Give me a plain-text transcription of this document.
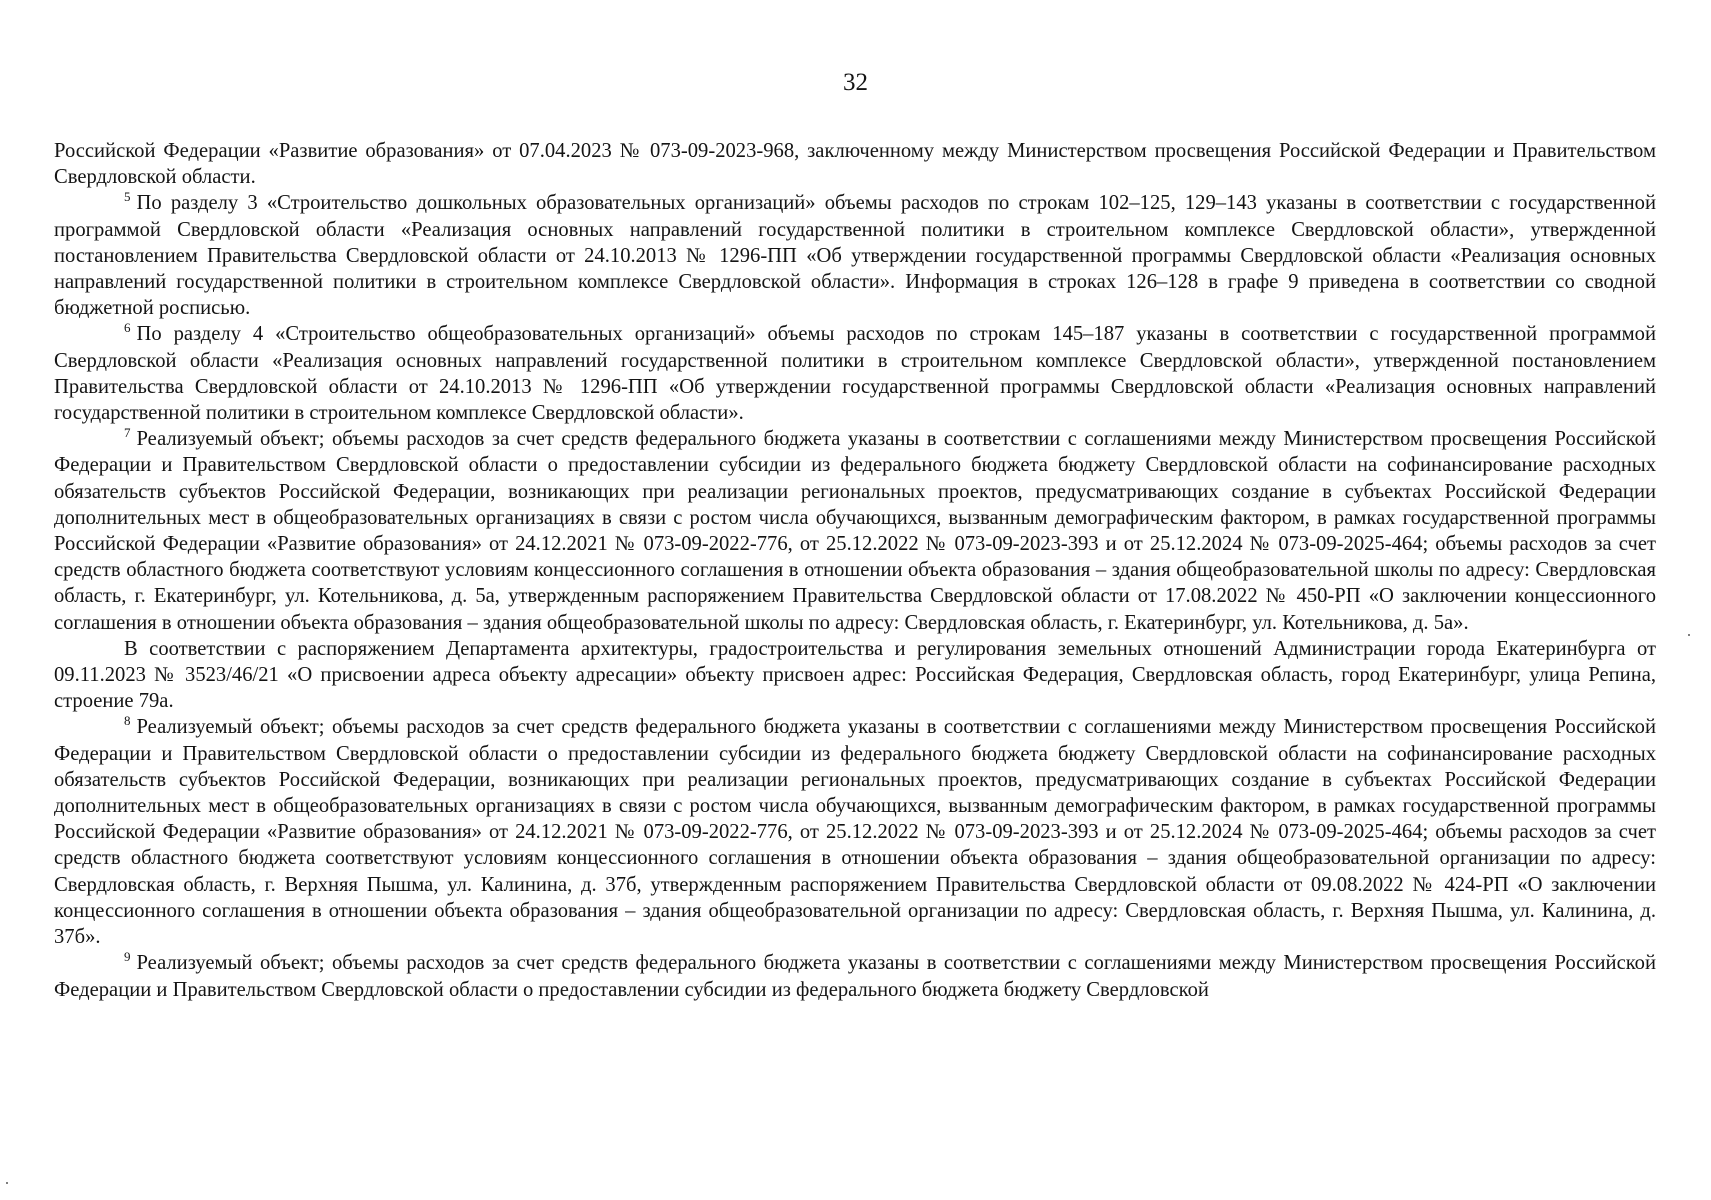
32

Российской Федерации «Развитие образования» от 07.04.2023 № 073-09-2023-968, заключенному между Министерством просвещения Российской Федерации и Правительством Свердловской области.

$^5$ По разделу 3 «Строительство дошкольных образовательных организаций» объемы расходов по строкам 102–125, 129–143 указаны в соответствии с государственной программой Свердловской области «Реализация основных направлений государственной политики в строительном комплексе Свердловской области», утвержденной постановлением Правительства Свердловской области от 24.10.2013 № 1296-ПП «Об утверждении государственной программы Свердловской области «Реализация основных направлений государственной политики в строительном комплексе Свердловской области». Информация в строках 126–128 в графе 9 приведена в соответствии со сводной бюджетной росписью.

$^6$ По разделу 4 «Строительство общеобразовательных организаций» объемы расходов по строкам 145–187 указаны в соответствии с государственной программой Свердловской области «Реализация основных направлений государственной политики в строительном комплексе Свердловской области», утвержденной постановлением Правительства Свердловской области от 24.10.2013 № 1296-ПП «Об утверждении государственной программы Свердловской области «Реализация основных направлений государственной политики в строительном комплексе Свердловской области».

$^7$ Реализуемый объект; объемы расходов за счет средств федерального бюджета указаны в соответствии с соглашениями между Министерством просвещения Российской Федерации и Правительством Свердловской области о предоставлении субсидии из федерального бюджета бюджету Свердловской области на софинансирование расходных обязательств субъектов Российской Федерации, возникающих при реализации региональных проектов, предусматривающих создание в субъектах Российской Федерации дополнительных мест в общеобразовательных организациях в связи с ростом числа обучающихся, вызванным демографическим фактором, в рамках государственной программы Российской Федерации «Развитие образования» от 24.12.2021 № 073-09-2022-776, от 25.12.2022 № 073-09-2023-393 и от 25.12.2024 № 073-09-2025-464; объемы расходов за счет средств областного бюджета соответствуют условиям концессионного соглашения в отношении объекта образования – здания общеобразовательной школы по адресу: Свердловская область, г. Екатеринбург, ул. Котельникова, д. 5а, утвержденным распоряжением Правительства Свердловской области от 17.08.2022 № 450-РП «О заключении концессионного соглашения в отношении объекта образования – здания общеобразовательной школы по адресу: Свердловская область, г. Екатеринбург, ул. Котельникова, д. 5а».

В соответствии с распоряжением Департамента архитектуры, градостроительства и регулирования земельных отношений Администрации города Екатеринбурга от 09.11.2023 № 3523/46/21 «О присвоении адреса объекту адресации» объекту присвоен адрес: Российская Федерация, Свердловская область, город Екатеринбург, улица Репина, строение 79а.

$^8$ Реализуемый объект; объемы расходов за счет средств федерального бюджета указаны в соответствии с соглашениями между Министерством просвещения Российской Федерации и Правительством Свердловской области о предоставлении субсидии из федерального бюджета бюджету Свердловской области на софинансирование расходных обязательств субъектов Российской Федерации, возникающих при реализации региональных проектов, предусматривающих создание в субъектах Российской Федерации дополнительных мест в общеобразовательных организациях в связи с ростом числа обучающихся, вызванным демографическим фактором, в рамках государственной программы Российской Федерации «Развитие образования» от 24.12.2021 № 073-09-2022-776, от 25.12.2022 № 073-09-2023-393 и от 25.12.2024 № 073-09-2025-464; объемы расходов за счет средств областного бюджета соответствуют условиям концессионного соглашения в отношении объекта образования – здания общеобразовательной организации по адресу: Свердловская область, г. Верхняя Пышма, ул. Калинина, д. 37б, утвержденным распоряжением Правительства Свердловской области от 09.08.2022 № 424-РП «О заключении концессионного соглашения в отношении объекта образования – здания общеобразовательной организации по адресу: Свердловская область, г. Верхняя Пышма, ул. Калинина, д. 37б».

$^9$ Реализуемый объект; объемы расходов за счет средств федерального бюджета указаны в соответствии с соглашениями между Министерством просвещения Российской Федерации и Правительством Свердловской области о предоставлении субсидии из федерального бюджета бюджету Свердловской
